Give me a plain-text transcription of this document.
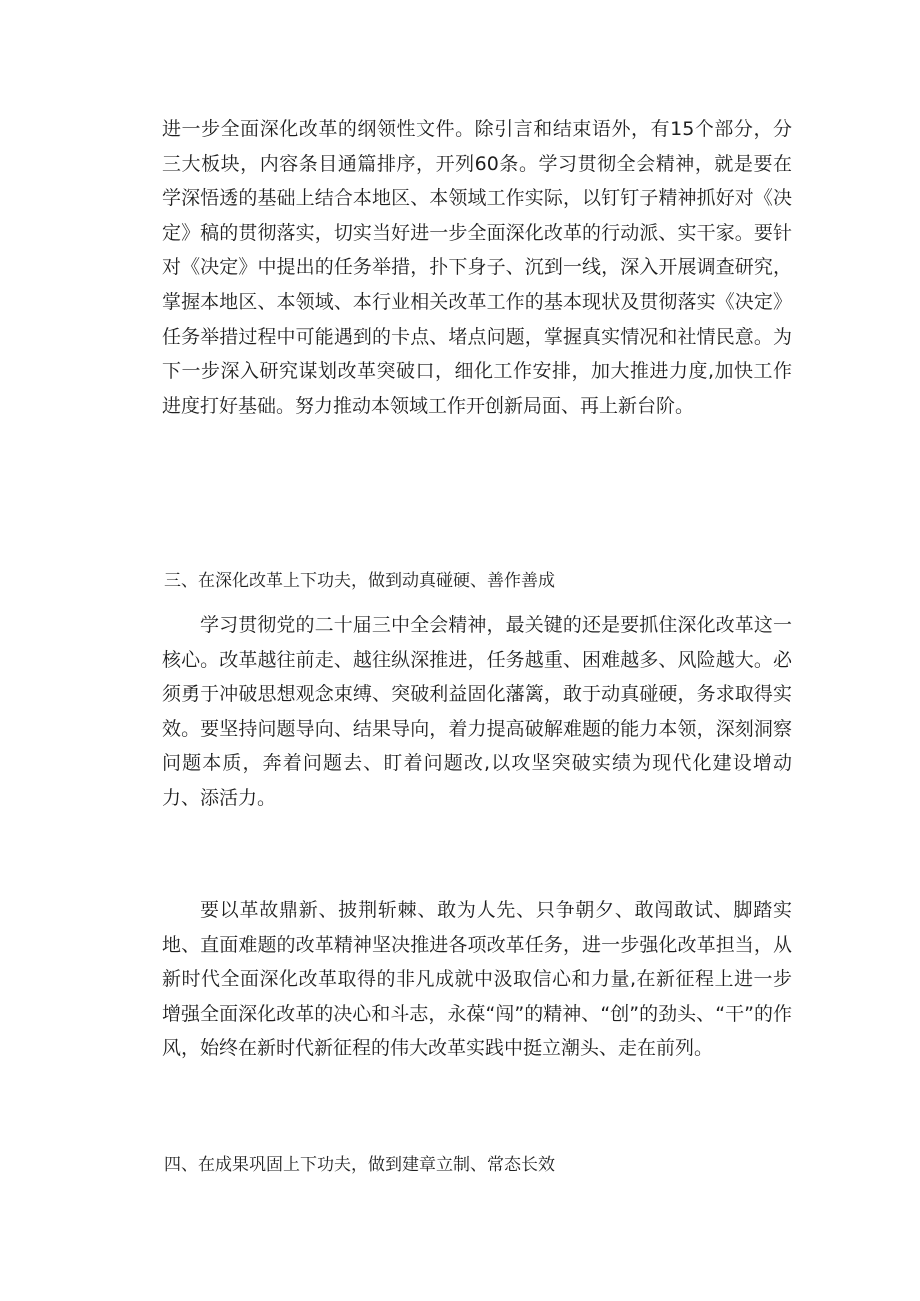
进一步全面深化改革的纲领性文件。除引言和结束语外，有15个部分，分三大板块，内容条目通篇排序，开列60条。学习贯彻全会精神，就是要在学深悟透的基础上结合本地区、本领域工作实际，以钉钉子精神抓好对《决定》稿的贯彻落实，切实当好进一步全面深化改革的行动派、实干家。要针对《决定》中提出的任务举措，扑下身子、沉到一线，深入开展调查研究，掌握本地区、本领域、本行业相关改革工作的基本现状及贯彻落实《决定》任务举措过程中可能遇到的卡点、堵点问题，掌握真实情况和社情民意。为下一步深入研究谋划改革突破口，细化工作安排，加大推进力度,加快工作进度打好基础。努力推动本领域工作开创新局面、再上新台阶。

三、在深化改革上下功夫，做到动真碰硬、善作善成

学习贯彻党的二十届三中全会精神，最关键的还是要抓住深化改革这一核心。改革越往前走、越往纵深推进，任务越重、困难越多、风险越大。必须勇于冲破思想观念束缚、突破利益固化藩篱，敢于动真碰硬，务求取得实效。要坚持问题导向、结果导向，着力提高破解难题的能力本领，深刻洞察问题本质，奔着问题去、盯着问题改,以攻坚突破实绩为现代化建设增动力、添活力。

要以革故鼎新、披荆斩棘、敢为人先、只争朝夕、敢闯敢试、脚踏实地、直面难题的改革精神坚决推进各项改革任务，进一步强化改革担当，从新时代全面深化改革取得的非凡成就中汲取信心和力量,在新征程上进一步增强全面深化改革的决心和斗志，永葆“闯”的精神、“创”的劲头、“干”的作风，始终在新时代新征程的伟大改革实践中挺立潮头、走在前列。

四、在成果巩固上下功夫，做到建章立制、常态长效
